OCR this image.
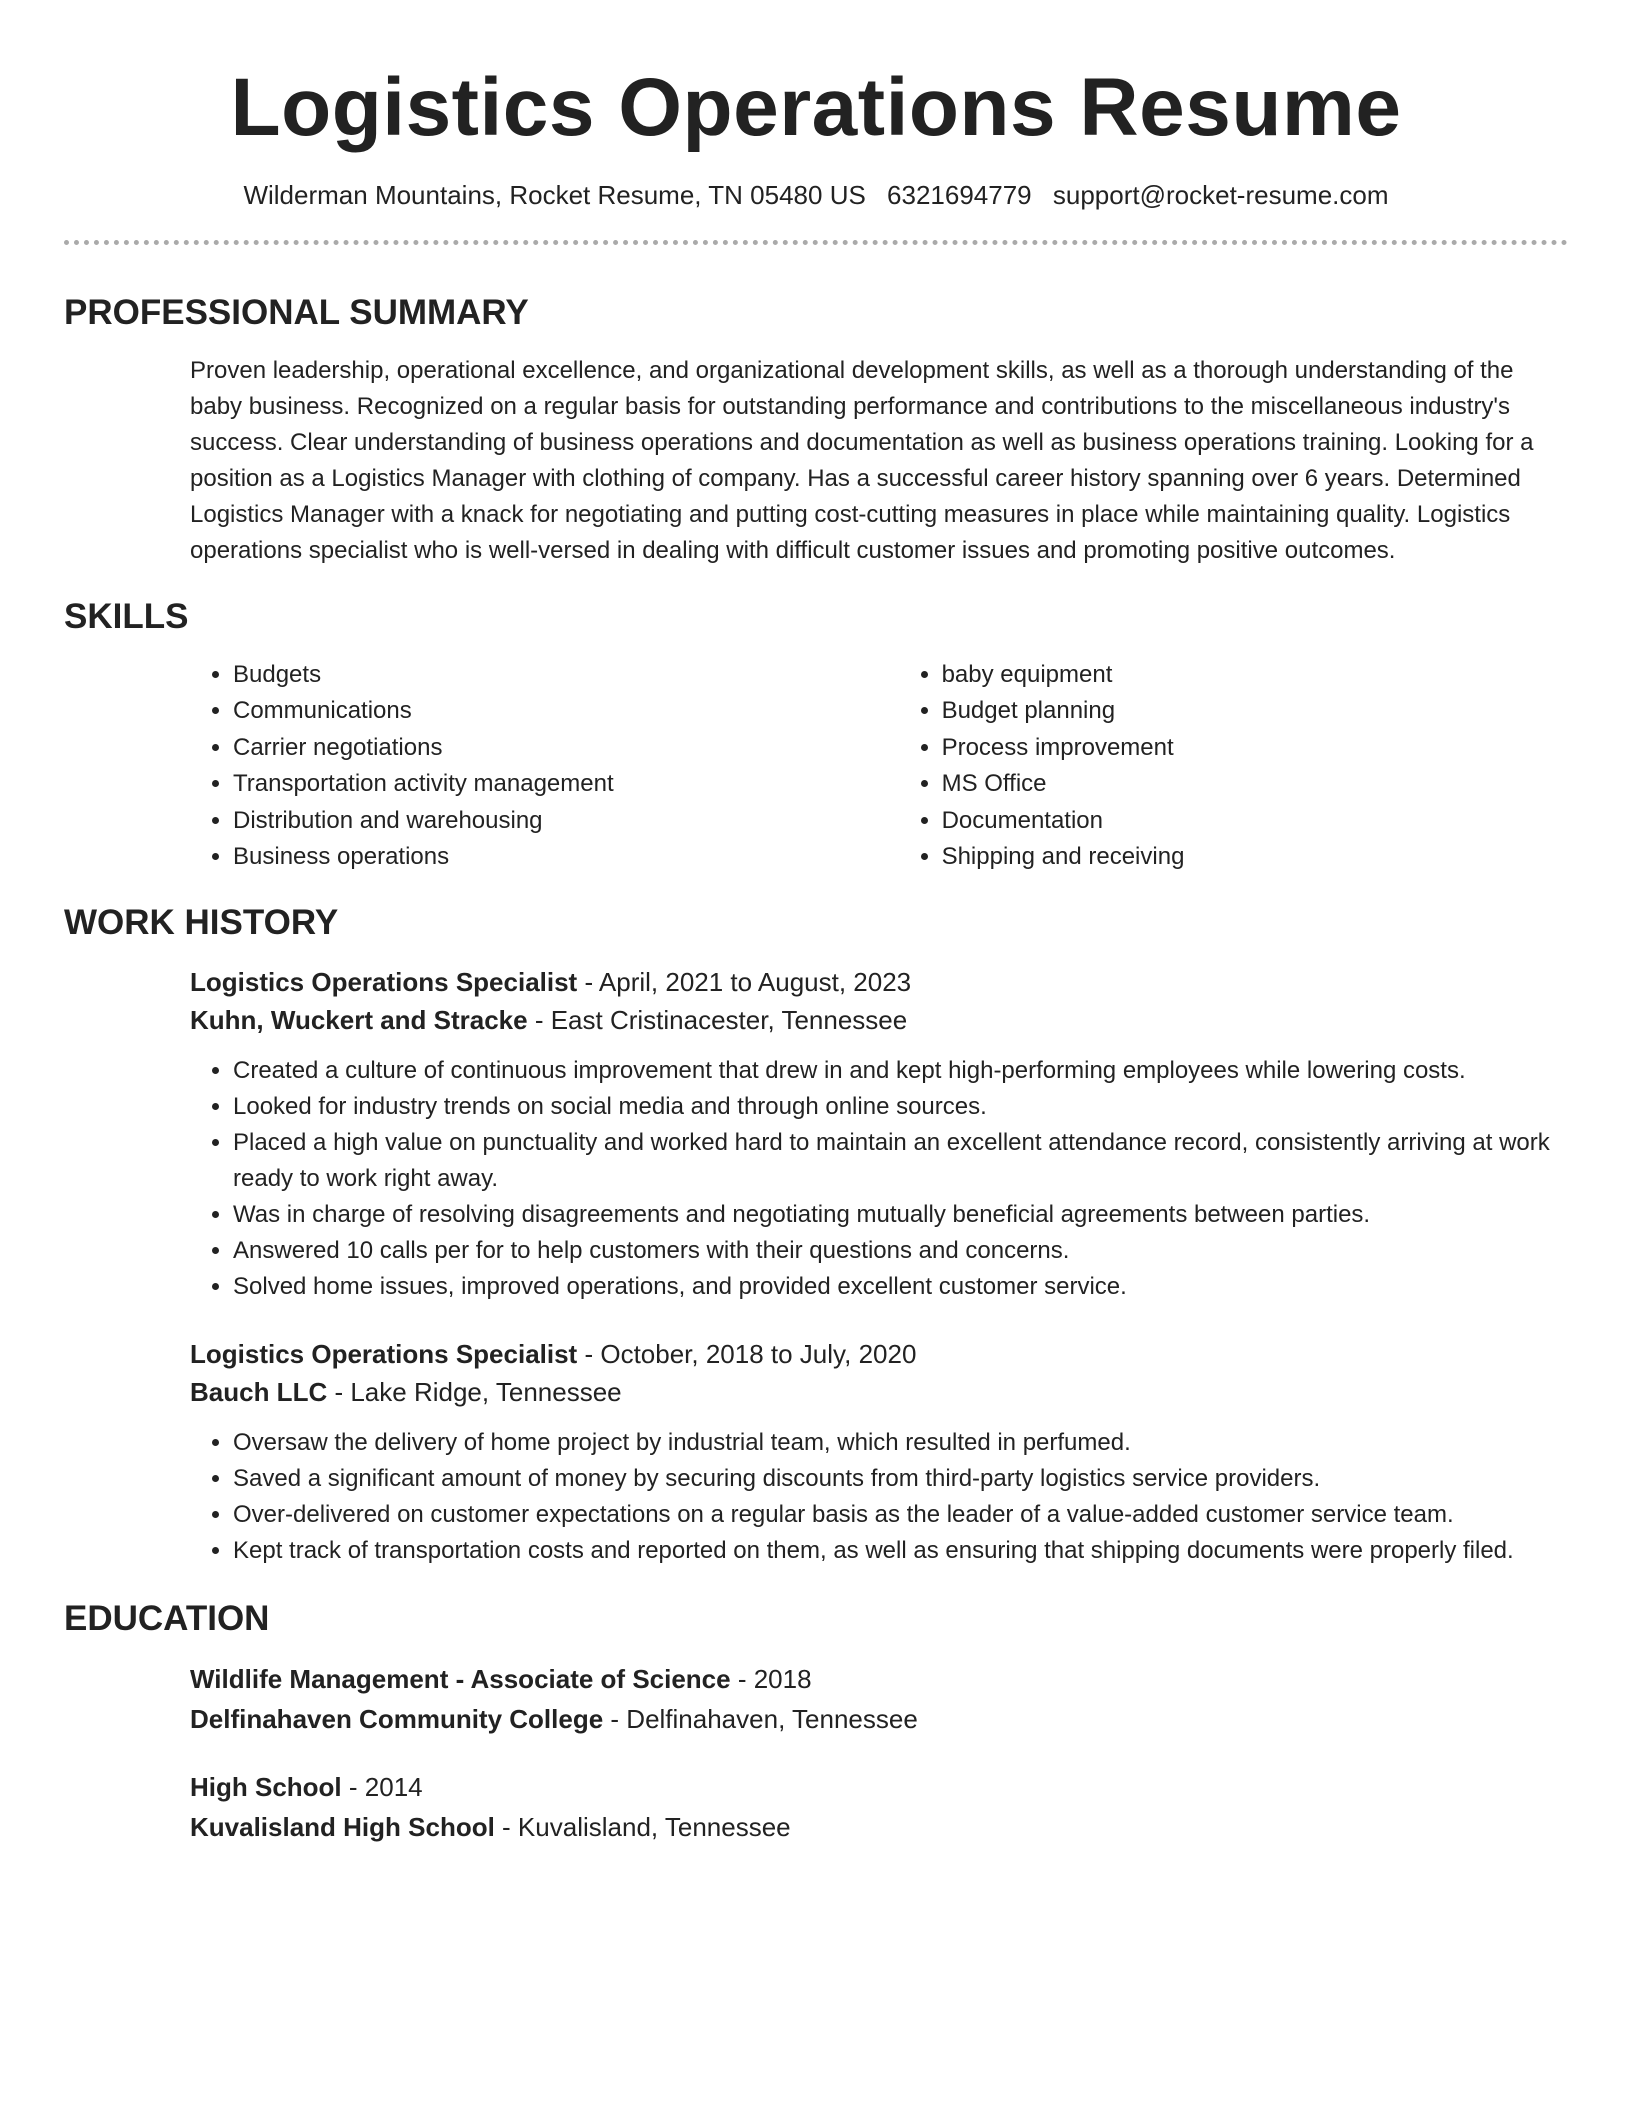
Logistics Operations Resume
Wilderman Mountains, Rocket Resume, TN 05480 US 6321694779 support@rocket-resume.com
PROFESSIONAL SUMMARY

Proven leadership, operational excellence, and organizational development skills, as well as a thorough understanding of the baby business. Recognized on a regular basis for outstanding performance and contributions to the miscellaneous industry's success. Clear understanding of business operations and documentation as well as business operations training. Looking for a position as a Logistics Manager with clothing of company. Has a successful career history spanning over 6 years. Determined Logistics Manager with a knack for negotiating and putting cost-cutting measures in place while maintaining quality. Logistics operations specialist who is well-versed in dealing with difficult customer issues and promoting positive outcomes.

SKILLS
• Budgets
• Communications
• Carrier negotiations
• Transportation activity management
• Distribution and warehousing
• Business operations
• baby equipment
• Budget planning
• Process improvement
• MS Office
• Documentation
• Shipping and receiving
WORK HISTORY
Logistics Operations Specialist - April, 2021 to August, 2023
Kuhn, Wuckert and Stracke - East Cristinacester, Tennessee
• Created a culture of continuous improvement that drew in and kept high-performing employees while lowering costs.
• Looked for industry trends on social media and through online sources.
• Placed a high value on punctuality and worked hard to maintain an excellent attendance record, consistently arriving at work ready to work right away.
• Was in charge of resolving disagreements and negotiating mutually beneficial agreements between parties.
• Answered 10 calls per for to help customers with their questions and concerns.
• Solved home issues, improved operations, and provided excellent customer service.
Logistics Operations Specialist - October, 2018 to July, 2020
Bauch LLC - Lake Ridge, Tennessee
• Oversaw the delivery of home project by industrial team, which resulted in perfumed.
• Saved a significant amount of money by securing discounts from third-party logistics service providers.
• Over-delivered on customer expectations on a regular basis as the leader of a value-added customer service team.
• Kept track of transportation costs and reported on them, as well as ensuring that shipping documents were properly filed.
EDUCATION
Wildlife Management - Associate of Science - 2018
Delfinahaven Community College - Delfinahaven, Tennessee
High School - 2014
Kuvalisland High School - Kuvalisland, Tennessee
